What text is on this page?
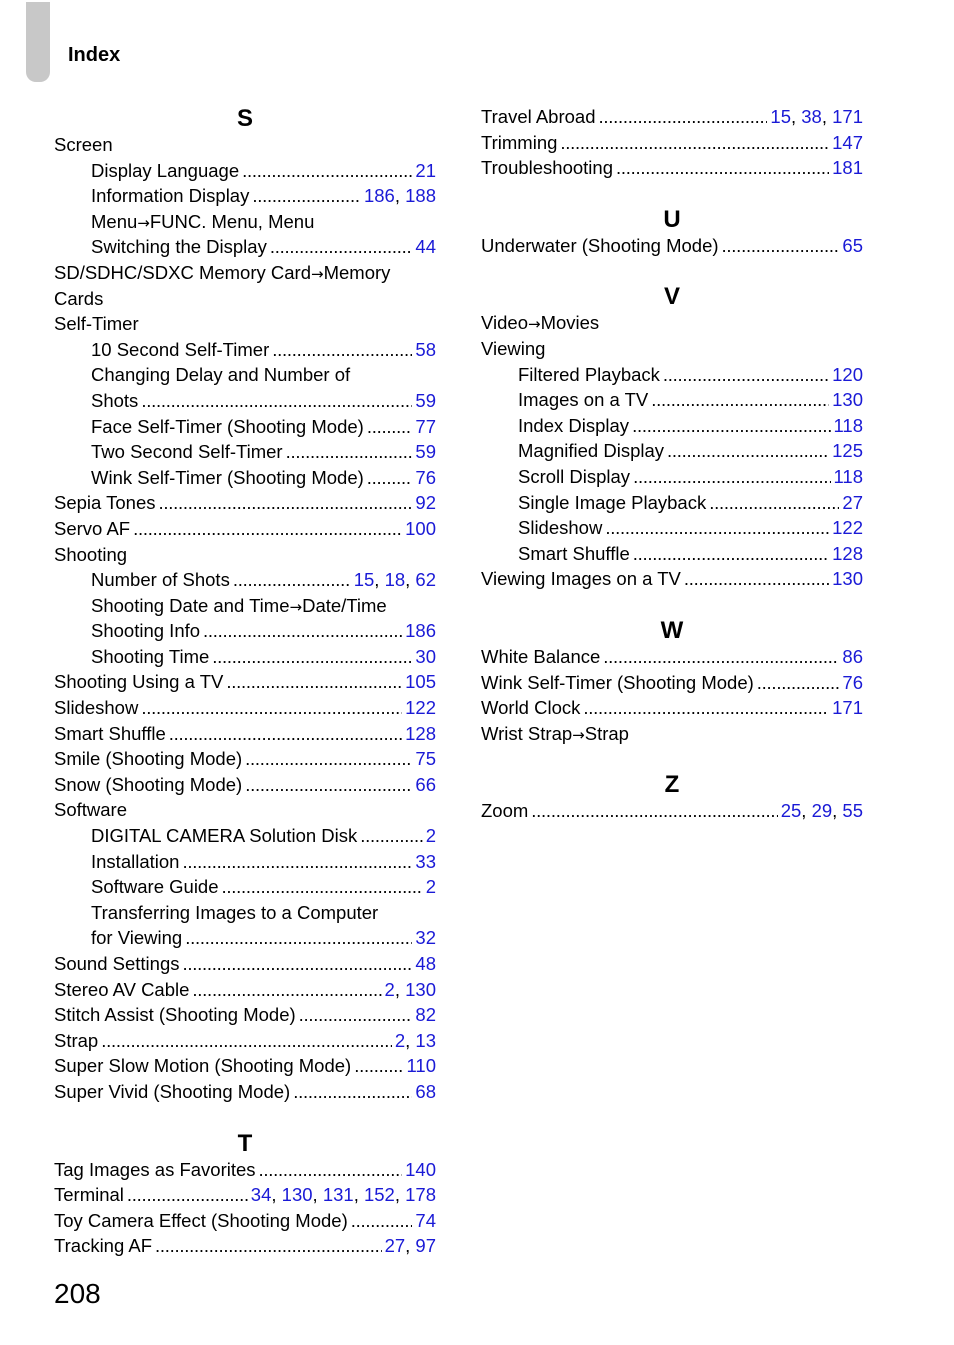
Index
S
Screen
Display Language . . .	21
Information Display . . .	186, 188
Menu → FUNC. Menu, Menu
Switching the Display . . .	44
SD/SDHC/SDXC Memory Card → Memory
Cards
Self-Timer
10 Second Self-Timer . . .	58
Changing Delay and Number of
Shots . . .	59
Face Self-Timer (Shooting Mode) . . .	77
Two Second Self-Timer . . .	59
Wink Self-Timer (Shooting Mode) . . .	76
Sepia Tones . . .	92
Servo AF . . .	100
Shooting
Number of Shots . . .	15, 18, 62
Shooting Date and Time → Date/Time
Shooting Info . . .	186
Shooting Time . . .	30
Shooting Using a TV . . .	105
Slideshow . . .	122
Smart Shuffle . . .	128
Smile (Shooting Mode) . . .	75
Snow (Shooting Mode) . . .	66
Software
DIGITAL CAMERA Solution Disk . . .	2
Installation . . .	33
Software Guide . . .	2
Transferring Images to a Computer
for Viewing . . .	32
Sound Settings . . .	48
Stereo AV Cable . . .	2, 130
Stitch Assist (Shooting Mode) . . .	82
Strap . . .	2, 13
Super Slow Motion (Shooting Mode) . . .	110
Super Vivid (Shooting Mode) . . .	68
T
Tag Images as Favorites . . .	140
Terminal . . .	34, 130, 131, 152, 178
Toy Camera Effect (Shooting Mode) . . .	74
Tracking AF . . .	27, 97
Travel Abroad . . .	15, 38, 171
Trimming . . .	147
Troubleshooting . . .	181
U
Underwater (Shooting Mode) . . .	65
V
Video → Movies
Viewing
Filtered Playback . . .	120
Images on a TV . . .	130
Index Display . . .	118
Magnified Display . . .	125
Scroll Display . . .	118
Single Image Playback . . .	27
Slideshow . . .	122
Smart Shuffle . . .	128
Viewing Images on a TV . . .	130
W
White Balance . . .	86
Wink Self-Timer (Shooting Mode) . . .	76
World Clock . . .	171
Wrist Strap → Strap
Z
Zoom . . .	25, 29, 55
208
